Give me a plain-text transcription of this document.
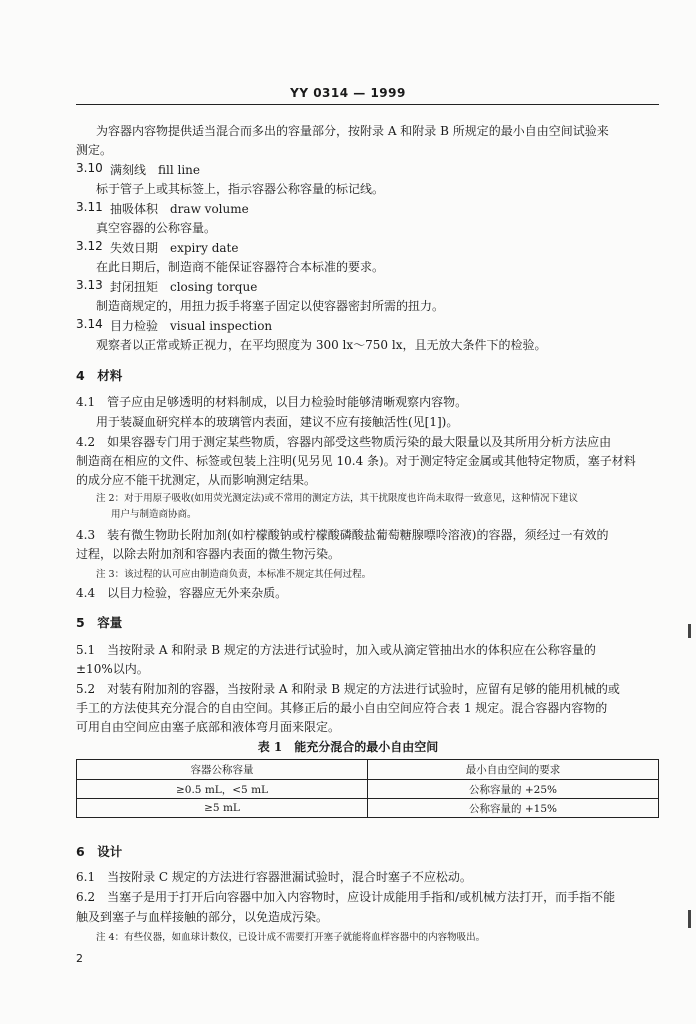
YY 0314 — 1999
为容器内容物提供适当混合而多出的容量部分，按附录 A 和附录 B 所规定的最小自由空间试验来
测定。
3.10 满刻线　fill line
标于管子上或其标签上，指示容器公称容量的标记线。
3.11 抽吸体积　draw volume
真空容器的公称容量。
3.12 失效日期　expiry date
在此日期后，制造商不能保证容器符合本标准的要求。
3.13 封闭扭矩　closing torque
制造商规定的，用扭力扳手将塞子固定以使容器密封所需的扭力。
3.14 目力检验　visual inspection
观察者以正常或矫正视力，在平均照度为 300 lx～750 lx，且无放大条件下的检验。
4　材料
4.1　管子应由足够透明的材料制成，以目力检验时能够清晰观察内容物。
用于装凝血研究样本的玻璃管内表面，建议不应有接触活性(见[1])。
4.2　如果容器专门用于测定某些物质，容器内部受这些物质污染的最大限量以及其所用分析方法应由
制造商在相应的文件、标签或包装上注明(见另见 10.4 条)。对于测定特定金属或其他特定物质，塞子材料
的成分应不能干扰测定，从而影响测定结果。
注 2：对于用原子吸收(如用荧光测定法)或不常用的测定方法，其干扰限度也许尚未取得一致意见，这种情况下建议
用户与制造商协商。
4.3　装有微生物助长附加剂(如柠檬酸钠或柠檬酸磷酸盐葡萄糖腺嘌呤溶液)的容器，须经过一有效的
过程，以除去附加剂和容器内表面的微生物污染。
注 3：该过程的认可应由制造商负责，本标准不规定其任何过程。
4.4　以目力检验，容器应无外来杂质。
5　容量
5.1　当按附录 A 和附录 B 规定的方法进行试验时，加入或从滴定管抽出水的体积应在公称容量的
±10%以内。
5.2　对装有附加剂的容器，当按附录 A 和附录 B 规定的方法进行试验时，应留有足够的能用机械的或
手工的方法使其充分混合的自由空间。其修正后的最小自由空间应符合表 1 规定。混合容器内容物的
可用自由空间应由塞子底部和液体弯月面来限定。
表 1　能充分混合的最小自由空间
容器公称容量	最小自由空间的要求
≥0.5 mL，<5 mL	公称容量的 +25%
≥5 mL	公称容量的 +15%
6　设计
6.1　当按附录 C 规定的方法进行容器泄漏试验时，混合时塞子不应松动。
6.2　当塞子是用于打开后向容器中加入内容物时，应设计成能用手指和/或机械方法打开，而手指不能
触及到塞子与血样接触的部分，以免造成污染。
注 4：有些仪器，如血球计数仪，已设计成不需要打开塞子就能将血样容器中的内容物吸出。
2
